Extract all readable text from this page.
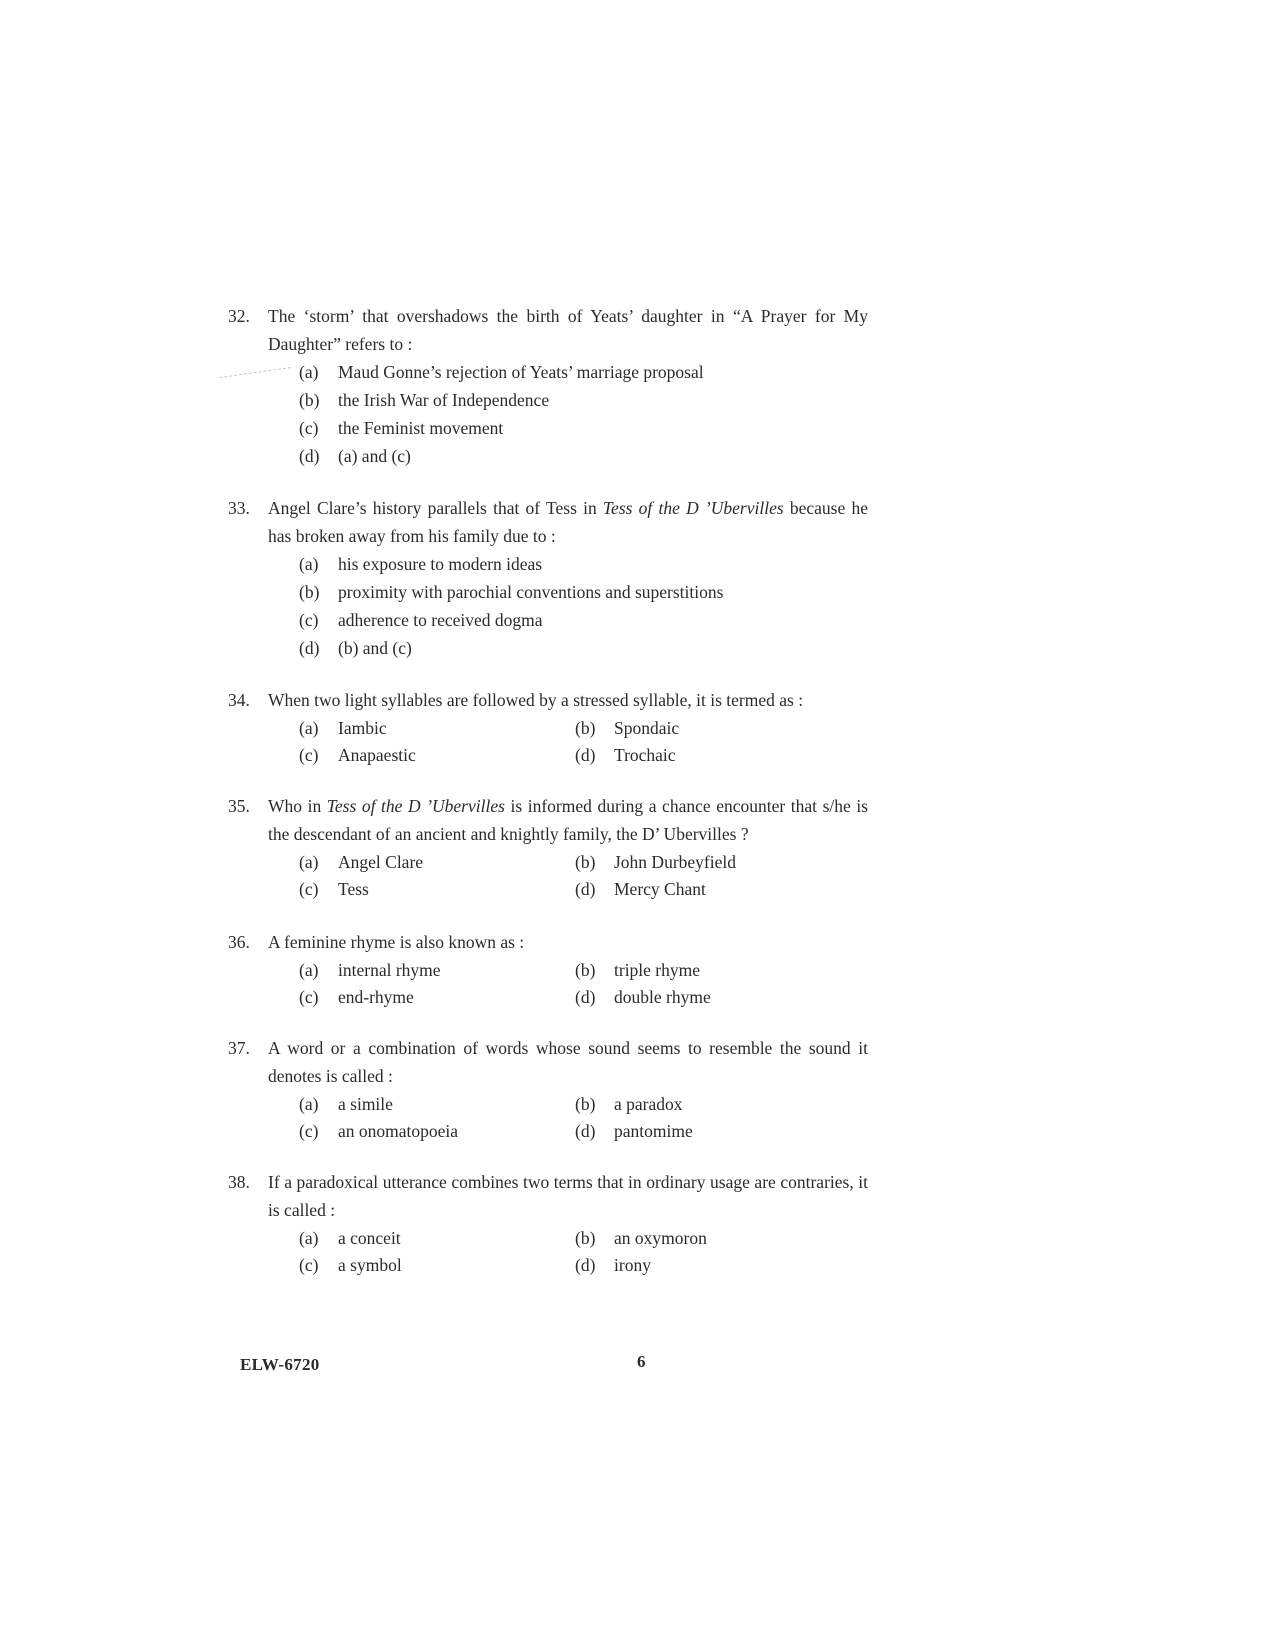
32. The ‘storm’ that overshadows the birth of Yeats’ daughter in “A Prayer for My Daughter” refers to :
(a)	Maud Gonne’s rejection of Yeats’ marriage proposal
(b)	the Irish War of Independence
(c)	the Feminist movement
(d)	(a) and (c)
33. Angel Clare’s history parallels that of Tess in Tess of the D ’Ubervilles because he has broken away from his family due to :
(a)	his exposure to modern ideas
(b)	proximity with parochial conventions and superstitions
(c)	adherence to received dogma
(d)	(b) and (c)
34. When two light syllables are followed by a stressed syllable, it is termed as :
(a)	Iambic	(b)	Spondaic
(c)	Anapaestic	(d)	Trochaic
35. Who in Tess of the D ’Ubervilles is informed during a chance encounter that s/he is the descendant of an ancient and knightly family, the D’ Ubervilles ?
(a)	Angel Clare	(b)	John Durbeyfield
(c)	Tess	(d)	Mercy Chant
36. A feminine rhyme is also known as :
(a)	internal rhyme	(b)	triple rhyme
(c)	end-rhyme	(d)	double rhyme
37. A word or a combination of words whose sound seems to resemble the sound it denotes is called :
(a)	a simile	(b)	a paradox
(c)	an onomatopoeia	(d)	pantomime
38. If a paradoxical utterance combines two terms that in ordinary usage are contraries, it is called :
(a)	a conceit	(b)	an oxymoron
(c)	a symbol	(d)	irony
ELW-6720	6
